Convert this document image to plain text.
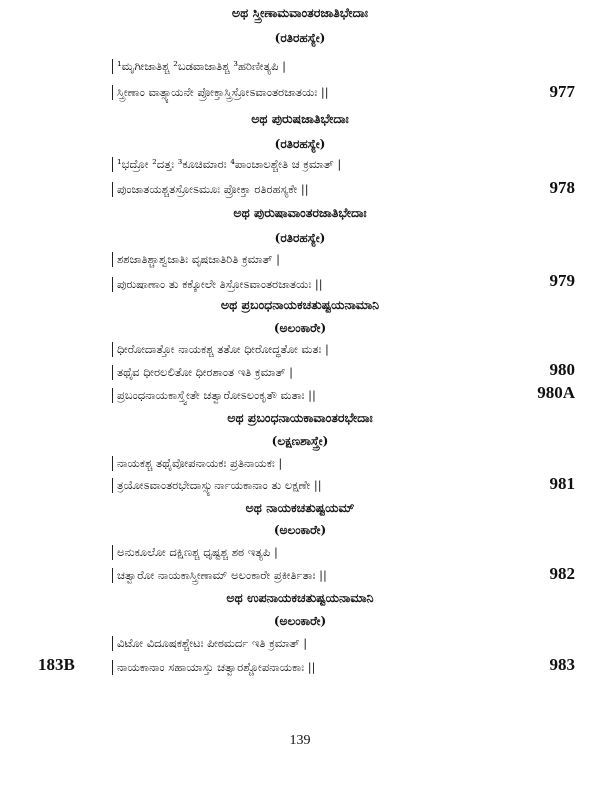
ಅಥ ಸ್ತ್ರೀಣಾಮವಾಂತರಜಾತಿಭೇದಾಃ
(ರತಿರಹಸ್ಯೇ)
¹ಮೃಗೀಜಾತಿಶ್ಚ ²ಬಡವಾಜಾತಿಶ್ಚ ³ಹರಿಣೀತ್ಯಪಿ |
ಸ್ತ್ರೀಣಾಂ ವಾತ್ಸ್ಯಾಯನೇ ಪ್ರೋಕ್ತಾಸ್ತ್ರಿಸ್ರೋಽವಾಂತರಜಾತಯಃ ||	977
ಅಥ ಪುರುಷಜಾತಿಭೇದಾಃ
(ರತಿರಹಸ್ಯೇ)
¹ಭದ್ರೋ ²ದತ್ತಃ ³ಕೂಚಿಮಾರಃ ⁴ಪಾಂಚಾಲಶ್ಚೇತಿ ಚ ಕ್ರಮಾತ್ |
ಪುಂಜಾತಯಶ್ಚತಸ್ರೋಽಮೂಃ ಪ್ರೋಕ್ತಾ ರತಿರಹಸ್ಯಕೇ ||	978
ಅಥ ಪುರುಷಾವಾಂತರಜಾತಿಭೇದಾಃ
(ರತಿರಹಸ್ಯೇ)
ಶಶಜಾತಿಶ್ಚಾಶ್ವಜಾತಿಃ ವೃಷಜಾತಿರಿತಿ ಕ್ರಮಾತ್ |
ಪುರುಷಾಣಾಂ ತು ಕಕ್ಕೋಲೇ ತಿಸ್ರೋಽವಾಂತರಜಾತಯಃ ||	979
ಅಥ ಪ್ರಬಂಧನಾಯಕಚತುಷ್ಟಯನಾಮಾನಿ
(ಅಲಂಕಾರೇ)
ಧೀರೋದಾತ್ತೋ ನಾಯಕಶ್ಚ ತತೋ ಧೀರೋದ್ಧತೋ ಮತಃ |
ತಥೈವ ಧೀರಲಲಿತೋ ಧೀರಶಾಂತ ಇತಿ ಕ್ರಮಾತ್ |	980
ಪ್ರಬಂಧನಾಯಕಾಸ್ತ್ವೇತೇ ಚತ್ವಾರೋಽಲಂಕೃತೌ ಮತಾಃ ||	980A
ಅಥ ಪ್ರಬಂಧನಾಯಕಾವಾಂತರಭೇದಾಃ
(ಲಕ್ಷಣಶಾಸ್ತ್ರೇ)
ನಾಯಕಶ್ಚ ತಥೈವೋಪನಾಯಕಃ ಪ್ರತಿನಾಯಕಃ |
ತ್ರಯೋಽವಾಂತರಭೇದಾಸ್ಸ್ಯುರ್ನಾಯಕಾನಾಂ ತು ಲಕ್ಷಣೇ ||	981
ಅಥ ನಾಯಕಚತುಷ್ಟಯಮ್
(ಅಲಂಕಾರೇ)
ಅನುಕೂಲೋ ದಕ್ಷಿಣಶ್ಚ ಧೃಷ್ಟಶ್ಚ ಶಠ ಇತ್ಯಪಿ |
ಚತ್ವಾರೋ ನಾಯಕಾಸ್ತ್ರೀಣಾಮ್ ಅಲಂಕಾರೇ ಪ್ರಕೀರ್ತಿತಾಃ ||	982
ಅಥ ಉಪನಾಯಕಚತುಷ್ಟಯನಾಮಾನಿ
(ಅಲಂಕಾರೇ)
ವಿಟೋ ವಿದೂಷಕಶ್ಚೇಟಃ ಪೀಠಮರ್ದ ಇತಿ ಕ್ರಮಾತ್ |
ನಾಯಕಾನಾಂ ಸಹಾಯಾಸ್ತು ಚತ್ವಾರಶ್ಚೋಪನಾಯಕಾಃ ||	983
183B
139
